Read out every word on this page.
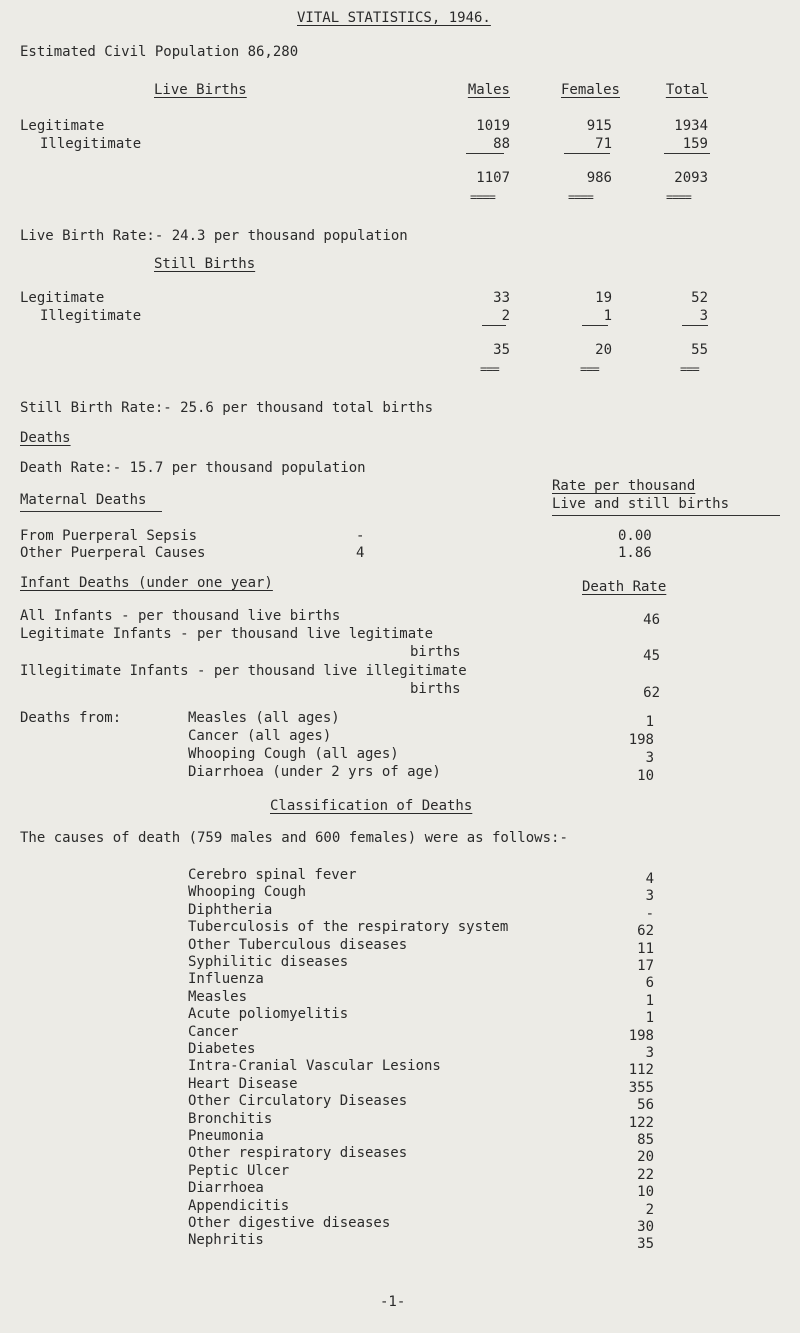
VITAL STATISTICS, 1946.
Estimated Civil Population 86,280
Live Births	Males	Females	Total
Legitimate	1019	915	1934
Illegitimate	88	71	159
1107	986	2093
====	====	====
Live Birth Rate:- 24.3 per thousand population
Still Births
Legitimate	33	19	52
Illegitimate	2	1	3
35	20	55
===	===	===
Still Birth Rate:- 25.6 per thousand total births
Deaths
Death Rate:- 15.7 per thousand population
Rate per thousand
Maternal Deaths	Live and still births
From Puerperal Sepsis	-	0.00
Other Puerperal Causes	4	1.86
Infant Deaths (under one year)	Death Rate
All Infants - per thousand live births	46
Legitimate Infants - per thousand live legitimate
births	45
Illegitimate Infants - per thousand live illegitimate
births	62
Deaths from:	Measles (all ages)	1
Cancer (all ages)	198
Whooping Cough (all ages)	3
Diarrhoea (under 2 yrs of age)	10
Classification of Deaths
The causes of death (759 males and 600 females) were as follows:-
Cerebro spinal fever	4
Whooping Cough	3
Diphtheria	-
Tuberculosis of the respiratory system	62
Other Tuberculous diseases	11
Syphilitic diseases	17
Influenza	6
Measles	1
Acute poliomyelitis	1
Cancer	198
Diabetes	3
Intra-Cranial Vascular Lesions	112
Heart Disease	355
Other Circulatory Diseases	56
Bronchitis	122
Pneumonia	85
Other respiratory diseases	20
Peptic Ulcer	22
Diarrhoea	10
Appendicitis	2
Other digestive diseases	30
Nephritis	35
-1-
